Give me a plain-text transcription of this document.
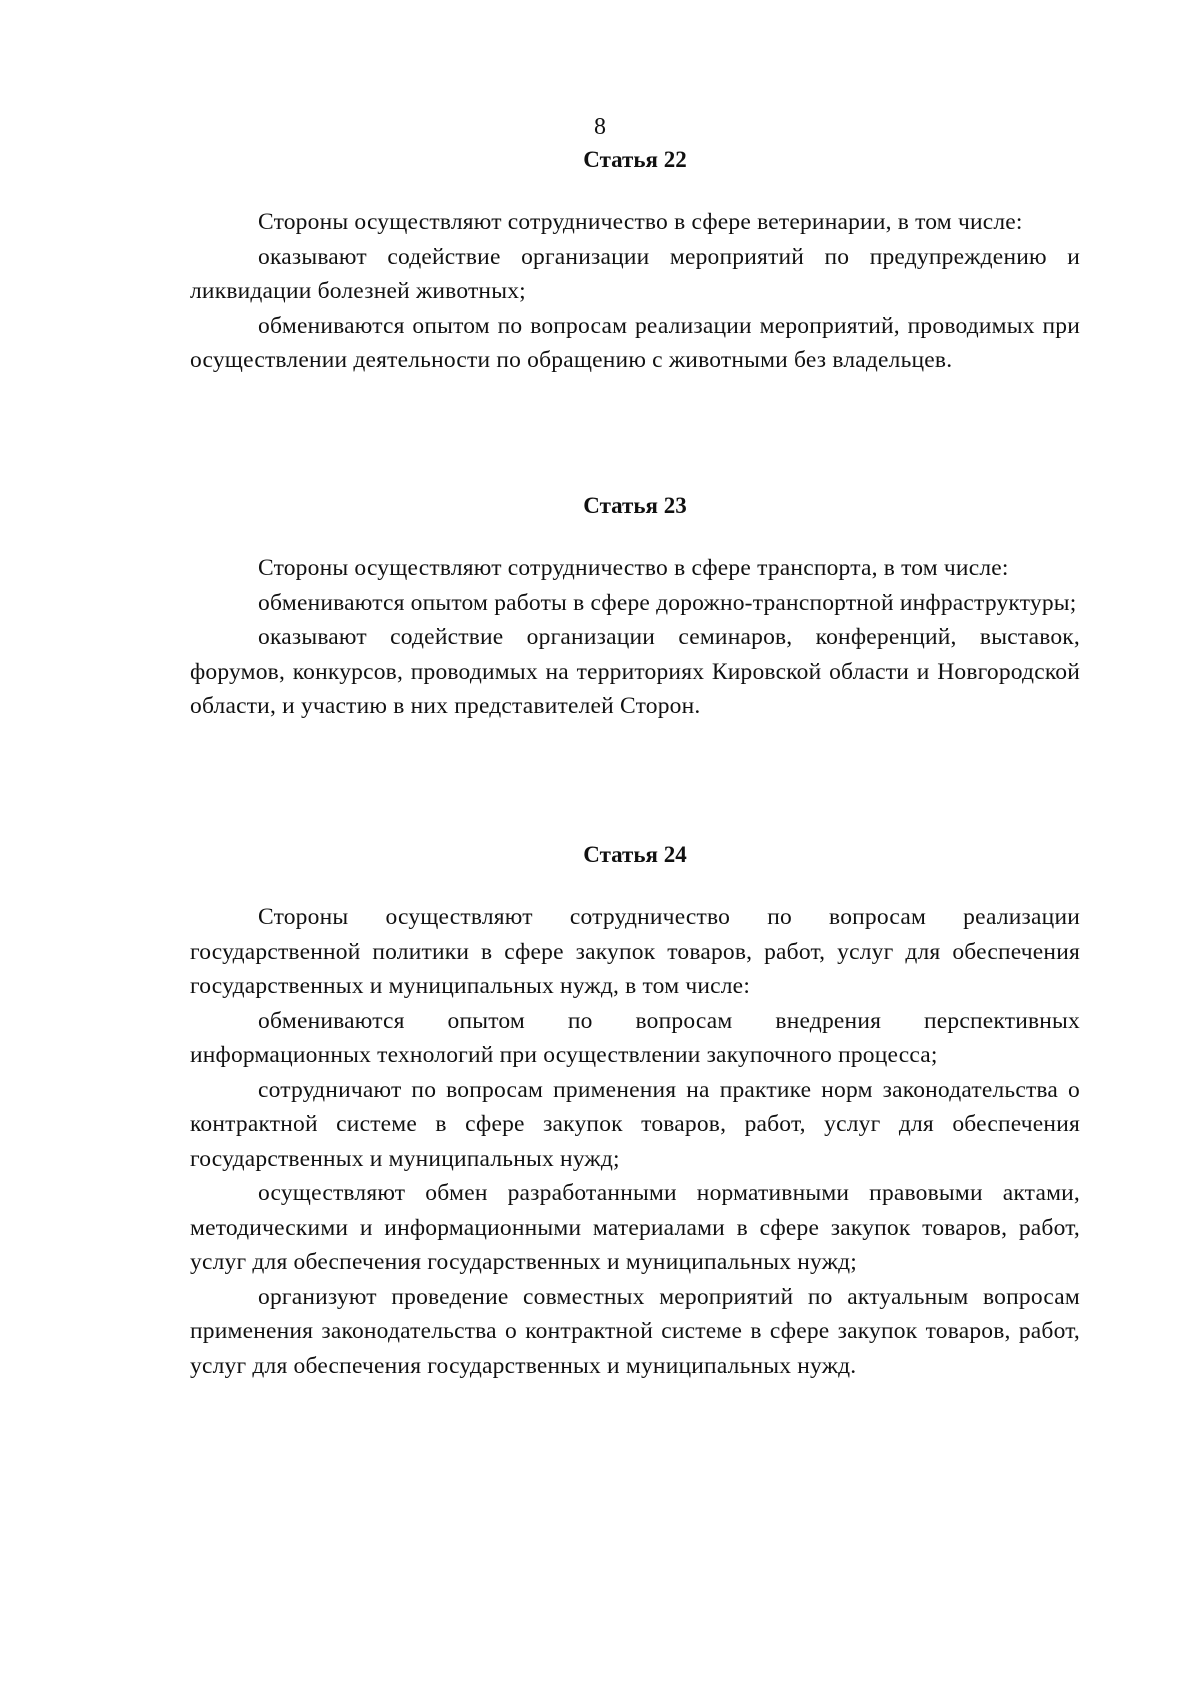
8
Статья 22

Стороны осуществляют сотрудничество в сфере ветеринарии, в том числе:

оказывают содействие организации мероприятий по предупреждению и ликвидации болезней животных;

обмениваются опытом по вопросам реализации мероприятий, проводимых при осуществлении деятельности по обращению с животными без владельцев.

Статья 23

Стороны осуществляют сотрудничество в сфере транспорта, в том числе:

обмениваются опытом работы в сфере дорожно-транспортной инфраструктуры;

оказывают содействие организации семинаров, конференций, выставок, форумов, конкурсов, проводимых на территориях Кировской области и Новгородской области, и участию в них представителей Сторон.

Статья 24

Стороны осуществляют сотрудничество по вопросам реализации государственной политики в сфере закупок товаров, работ, услуг для обеспечения государственных и муниципальных нужд, в том числе:

обмениваются опытом по вопросам внедрения перспективных информационных технологий при осуществлении закупочного процесса;

сотрудничают по вопросам применения на практике норм законодательства о контрактной системе в сфере закупок товаров, работ, услуг для обеспечения государственных и муниципальных нужд;

осуществляют обмен разработанными нормативными правовыми актами, методическими и информационными материалами в сфере закупок товаров, работ, услуг для обеспечения государственных и муниципальных нужд;

организуют проведение совместных мероприятий по актуальным вопросам применения законодательства о контрактной системе в сфере закупок товаров, работ, услуг для обеспечения государственных и муниципальных нужд.
